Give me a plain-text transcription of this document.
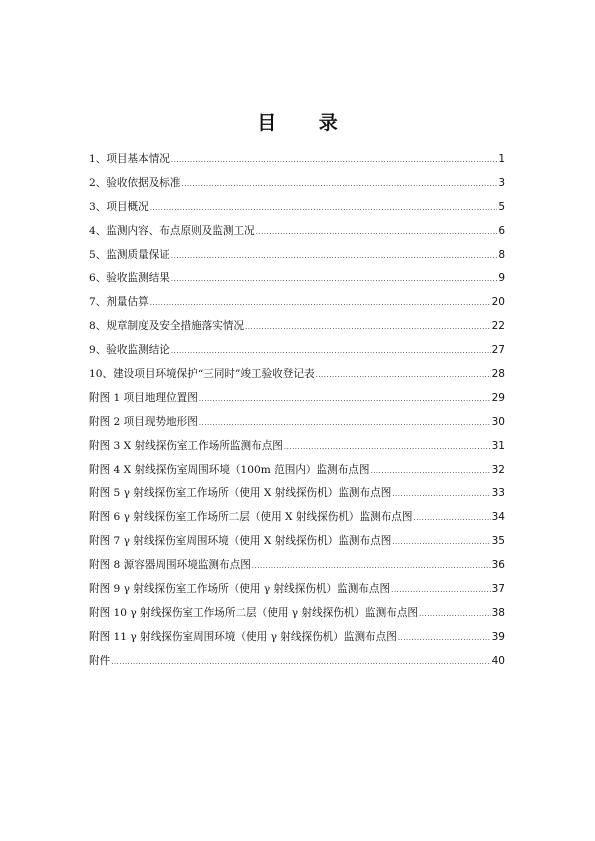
目 录
1、项目基本情况 .....	1
2、验收依据及标准 .....	3
3、项目概况 .....	5
4、监测内容、布点原则及监测工况 .....	6
5、监测质量保证 .....	8
6、验收监测结果 .....	9
7、剂量估算 .....	20
8、规章制度及安全措施落实情况 .....	22
9、验收监测结论 .....	27
10、建设项目环境保护“三同时”竣工验收登记表 .....	28
附图 1 项目地理位置图 .....	29
附图 2 项目现势地形图 .....	30
附图 3 X 射线探伤室工作场所监测布点图 .....	31
附图 4 X 射线探伤室周围环境（100m 范围内）监测布点图 .....	32
附图 5 γ 射线探伤室工作场所（使用 X 射线探伤机）监测布点图 .....	33
附图 6 γ 射线探伤室工作场所二层（使用 X 射线探伤机）监测布点图 .....	34
附图 7 γ 射线探伤室周围环境（使用 X 射线探伤机）监测布点图 .....	35
附图 8 源容器周围环境监测布点图 .....	36
附图 9 γ 射线探伤室工作场所（使用 γ 射线探伤机）监测布点图 .....	37
附图 10 γ 射线探伤室工作场所二层（使用 γ 射线探伤机）监测布点图 .....	38
附图 11 γ 射线探伤室周围环境（使用 γ 射线探伤机）监测布点图 .....	39
附件 .....	40
